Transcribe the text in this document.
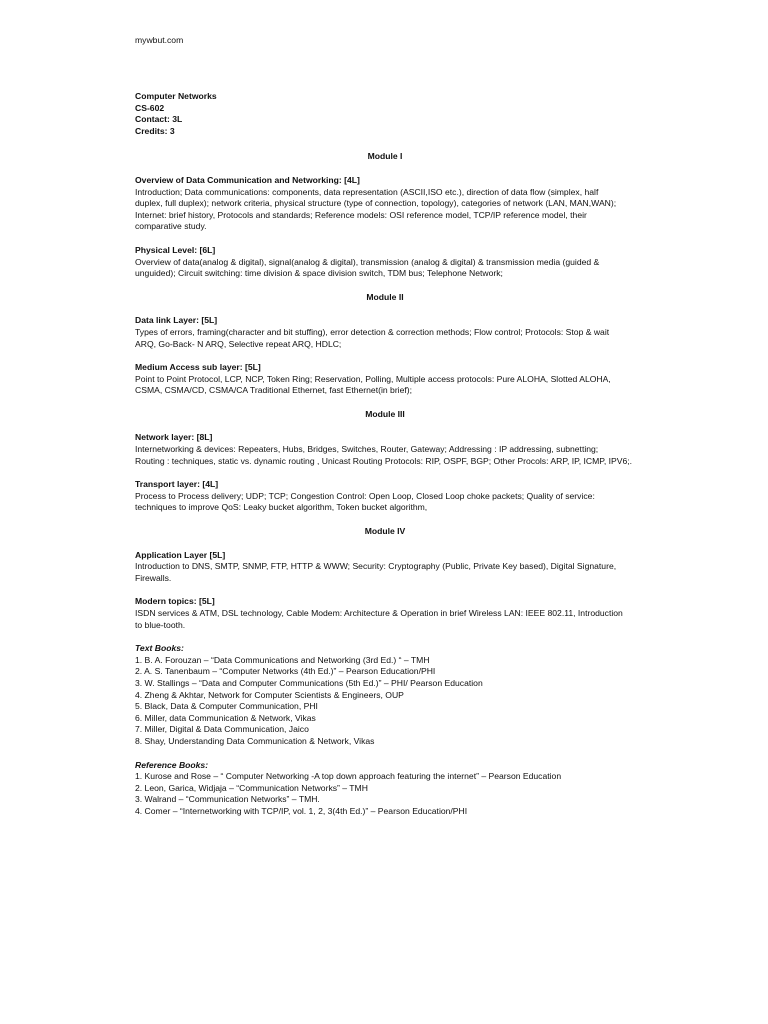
mywbut.com
Computer Networks
CS-602
Contact: 3L
Credits: 3
Module I
Overview of Data Communication and Networking: [4L]
Introduction; Data communications: components, data representation (ASCII,ISO etc.), direction of data flow (simplex, half
duplex, full duplex); network criteria, physical structure (type of connection, topology), categories of network (LAN, MAN,WAN);
Internet: brief history, Protocols and standards; Reference models: OSI reference model, TCP/IP reference model, their
comparative study.
Physical Level: [6L]
Overview of data(analog & digital), signal(analog & digital), transmission (analog & digital) & transmission media (guided &
unguided); Circuit switching: time division & space division switch, TDM bus; Telephone Network;
Module II
Data link Layer: [5L]
Types of errors, framing(character and bit stuffing), error detection & correction methods; Flow control; Protocols: Stop & wait
ARQ, Go-Back- N ARQ, Selective repeat ARQ, HDLC;
Medium Access sub layer: [5L]
Point to Point Protocol, LCP, NCP, Token Ring; Reservation, Polling, Multiple access protocols: Pure ALOHA, Slotted ALOHA,
CSMA, CSMA/CD, CSMA/CA Traditional Ethernet, fast Ethernet(in brief);
Module III
Network layer: [8L]
Internetworking & devices: Repeaters, Hubs, Bridges, Switches, Router, Gateway; Addressing : IP addressing, subnetting;
Routing : techniques, static vs. dynamic routing , Unicast Routing Protocols: RIP, OSPF, BGP; Other Procols: ARP, IP, ICMP, IPV6;.
Transport layer: [4L]
Process to Process delivery; UDP; TCP; Congestion Control: Open Loop, Closed Loop choke packets; Quality of service:
techniques to improve QoS: Leaky bucket algorithm, Token bucket algorithm,
Module IV
Application Layer [5L]
Introduction to DNS, SMTP, SNMP, FTP, HTTP & WWW; Security: Cryptography (Public, Private Key based), Digital Signature,
Firewalls.
Modern topics: [5L]
ISDN services & ATM, DSL technology, Cable Modem: Architecture & Operation in brief Wireless LAN: IEEE 802.11, Introduction
to blue-tooth.
Text Books:
1. B. A. Forouzan – “Data Communications and Networking (3rd Ed.) “ – TMH
2. A. S. Tanenbaum – “Computer Networks (4th Ed.)” – Pearson Education/PHI
3. W. Stallings – “Data and Computer Communications (5th Ed.)” – PHI/ Pearson Education
4. Zheng & Akhtar, Network for Computer Scientists & Engineers, OUP
5. Black, Data & Computer Communication, PHI
6. Miller, data Communication & Network, Vikas
7. Miller, Digital & Data Communication, Jaico
8. Shay, Understanding Data Communication & Network, Vikas
Reference Books:
1. Kurose and Rose – “ Computer Networking -A top down approach featuring the internet” – Pearson Education
2. Leon, Garica, Widjaja – “Communication Networks” – TMH
3. Walrand – “Communication Networks” – TMH.
4. Comer – “Internetworking with TCP/IP, vol. 1, 2, 3(4th Ed.)” – Pearson Education/PHI
